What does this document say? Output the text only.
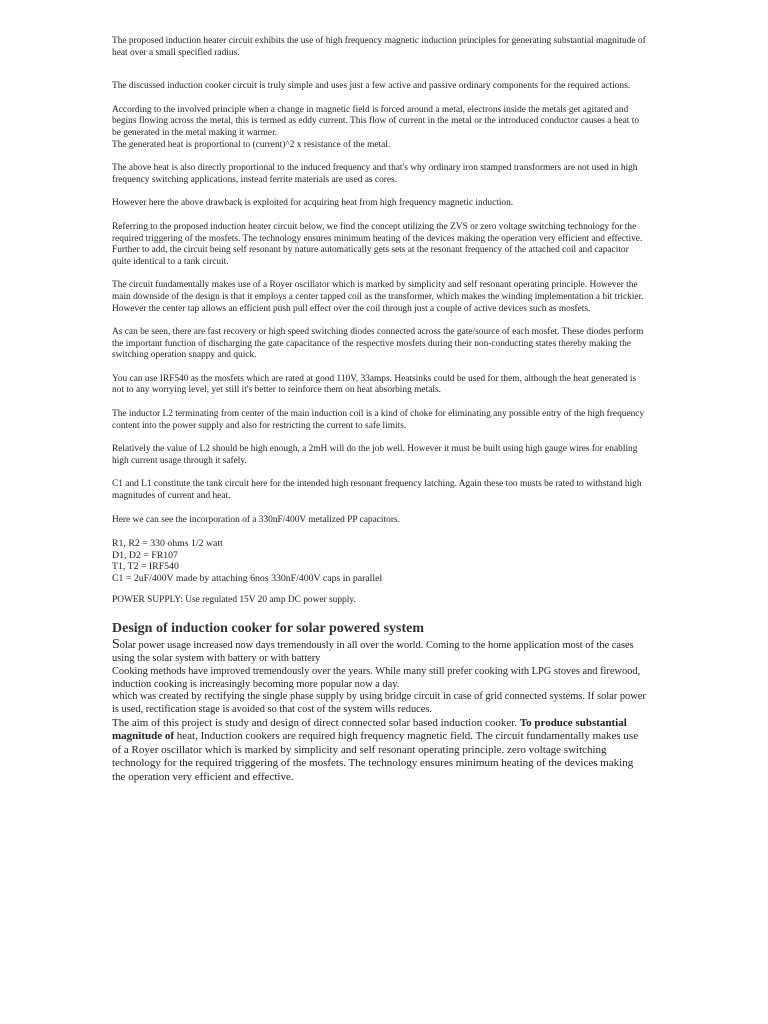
The proposed induction heater circuit exhibits the use of high frequency magnetic induction principles for generating substantial magnitude of heat over a small specified radius.

The discussed induction cooker circuit is truly simple and uses just a few active and passive ordinary components for the required actions.

According to the involved principle when a change in magnetic field is forced around a metal, electrons inside the metals get agitated and begins flowing across the metal, this is termed as eddy current. This flow of current in the metal or the introduced conductor causes a heat to be generated in the metal making it warmer.

The generated heat is proportional to (current)^2 x resistance of the metal.

The above heat is also directly proportional to the induced frequency and that's why ordinary iron stamped transformers are not used in high frequency switching applications, instead ferrite materials are used as cores.

However here the above drawback is exploited for acquiring heat from high frequency magnetic induction.

Referring to the proposed induction heater circuit below, we find the concept utilizing the ZVS or zero voltage switching technology for the required triggering of the mosfets. The technology ensures minimum heating of the devices making the operation very efficient and effective.

Further to add, the circuit being self resonant by nature automatically gets sets at the resonant frequency of the attached coil and capacitor quite identical to a tank circuit.

The circuit fundamentally makes use of a Royer oscillator which is marked by simplicity and self resonant operating principle. However the main downside of the design is that it employs a center tapped coil as the transformer, which makes the winding implementation a bit trickier. However the center tap allows an efficient push pull effect over the coil through just a couple of active devices such as mosfets.

As can be seen, there are fast recovery or high speed switching diodes connected across the gate/source of each mosfet. These diodes perform the important function of discharging the gate capacitance of the respective mosfets during their non-conducting states thereby making the switching operation snappy and quick.

You can use IRF540 as the mosfets which are rated at good 110V, 33amps. Heatsinks could be used for them, although the heat generated is not to any worrying level, yet still it's better to reinforce them on heat absorbing metals.

The inductor L2 terminating from center of the main induction coil is a kind of choke for eliminating any possible entry of the high frequency content into the power supply and also for restricting the current to safe limits.

Relatively the value of L2 should be high enough, a 2mH will do the job well. However it must be built using high gauge wires for enabling high current usage through it safely.

C1 and L1 constitute the tank circuit here for the intended high resonant frequency latching. Again these too musts be rated to withstand high magnitudes of current and heat.

Here we can see the incorporation of a 330nF/400V metalized PP capacitors.

R1, R2 = 330 ohms 1/2 watt

D1, D2 = FR107

T1, T2 = IRF540

C1 = 2uF/400V made by attaching 6nos 330nF/400V caps in parallel

POWER SUPPLY: Use regulated 15V 20 amp DC power supply.

Design of induction cooker for solar powered system

Solar power usage increased now days tremendously in all over the world. Coming to the home application most of the cases using the solar system with battery or with battery

Cooking methods have improved tremendously over the years. While many still prefer cooking with LPG stoves and firewood, induction cooking is increasingly becoming more popular now a day.

which was created by rectifying the single phase supply by using bridge circuit in case of grid connected systems. If solar power is used, rectification stage is avoided so that cost of the system wills reduces.

The aim of this project is study and design of direct connected solar based induction cooker. To produce substantial magnitude of heat, Induction cookers are required high frequency magnetic field. The circuit fundamentally makes use of a Royer oscillator which is marked by simplicity and self resonant operating principle. zero voltage switching technology for the required triggering of the mosfets. The technology ensures minimum heating of the devices making the operation very efficient and effective.
